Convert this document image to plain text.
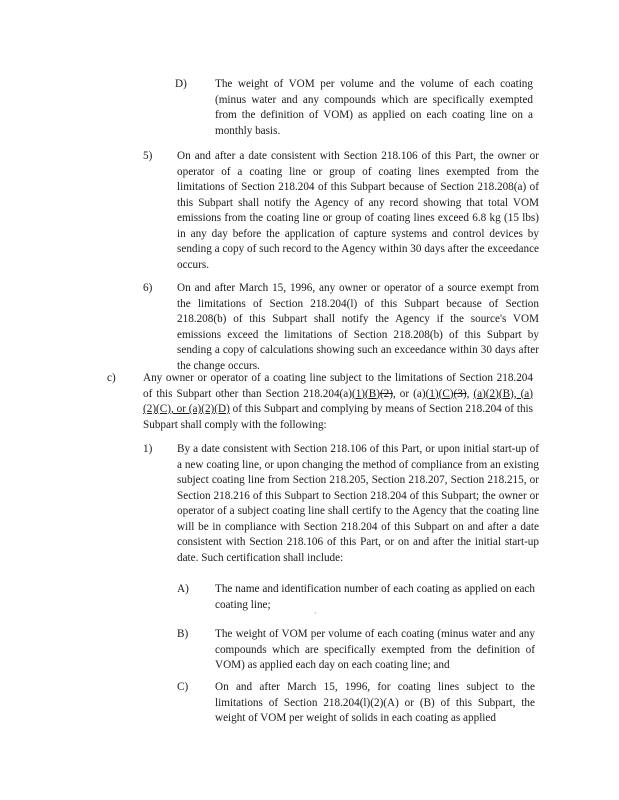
D)	The weight of VOM per volume and the volume of each coating (minus water and any compounds which are specifically exempted from the definition of VOM) as applied on each coating line on a monthly basis.
5) On and after a date consistent with Section 218.106 of this Part, the owner or operator of a coating line or group of coating lines exempted from the limitations of Section 218.204 of this Subpart because of Section 218.208(a) of this Subpart shall notify the Agency of any record showing that total VOM emissions from the coating line or group of coating lines exceed 6.8 kg (15 lbs) in any day before the application of capture systems and control devices by sending a copy of such record to the Agency within 30 days after the exceedance occurs.
6) On and after March 15, 1996, any owner or operator of a source exempt from the limitations of Section 218.204(l) of this Subpart because of Section 218.208(b) of this Subpart shall notify the Agency if the source's VOM emissions exceed the limitations of Section 218.208(b) of this Subpart by sending a copy of calculations showing such an exceedance within 30 days after the change occurs.
c) Any owner or operator of a coating line subject to the limitations of Section 218.204 of this Subpart other than Section 218.204(a)(1)(B)(2), or (a)(1)(C)(3), (a)(2)(B), (a)(2)(C), or (a)(2)(D) of this Subpart and complying by means of Section 218.204 of this Subpart shall comply with the following:
1) By a date consistent with Section 218.106 of this Part, or upon initial start-up of a new coating line, or upon changing the method of compliance from an existing subject coating line from Section 218.205, Section 218.207, Section 218.215, or Section 218.216 of this Subpart to Section 218.204 of this Subpart; the owner or operator of a subject coating line shall certify to the Agency that the coating line will be in compliance with Section 218.204 of this Subpart on and after a date consistent with Section 218.106 of this Part, or on and after the initial start-up date. Such certification shall include:
A) The name and identification number of each coating as applied on each coating line;
·
B) The weight of VOM per volume of each coating (minus water and any compounds which are specifically exempted from the definition of VOM) as applied each day on each coating line; and
C) On and after March 15, 1996, for coating lines subject to the limitations of Section 218.204(l)(2)(A) or (B) of this Subpart, the weight of VOM per weight of solids in each coating as applied
